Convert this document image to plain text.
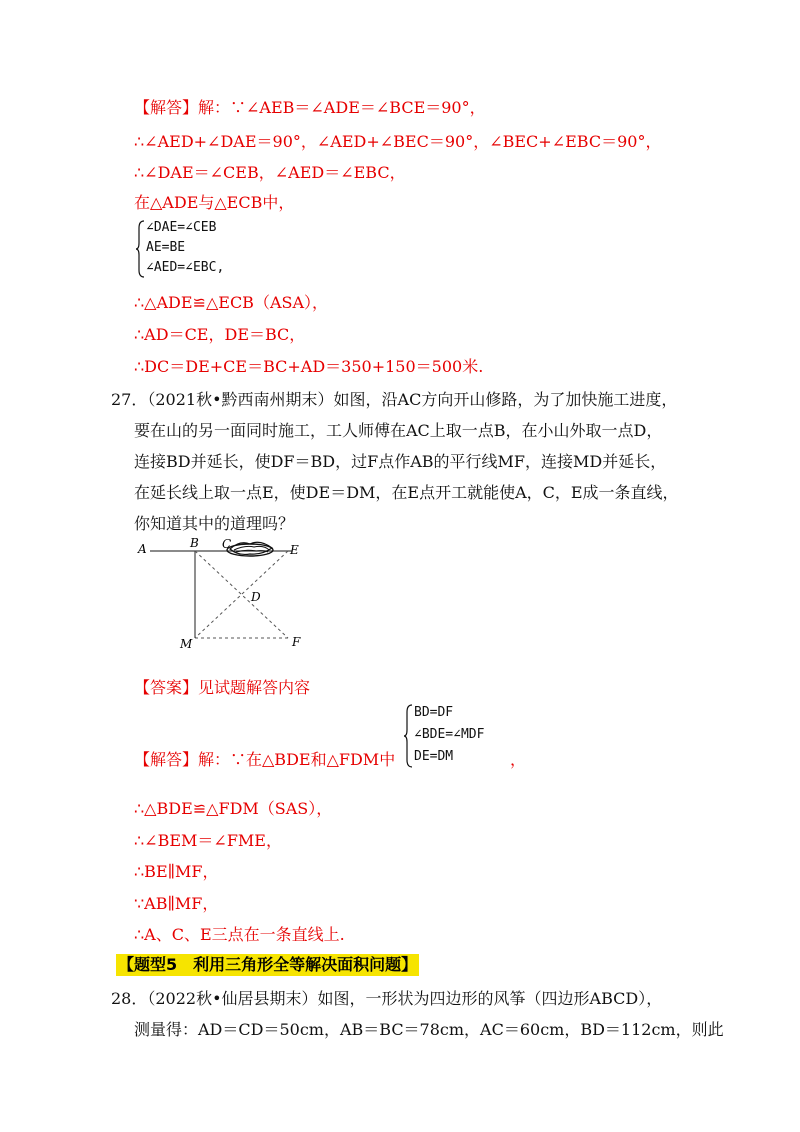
【解答】解：∵∠AEB＝∠ADE＝∠BCE＝90°，
∴∠AED+∠DAE＝90°，∠AED+∠BEC＝90°，∠BEC+∠EBC＝90°，
∴∠DAE＝∠CEB，∠AED＝∠EBC，
在△ADE与△ECB中，
∠DAE=∠CEB
AE=BE
∠AED=∠EBC,
∴△ADE≌△ECB（ASA），
∴AD＝CE，DE＝BC，
∴DC＝DE+CE＝BC+AD＝350+150＝500米.
27．（2021秋•黔西南州期末）如图，沿AC方向开山修路，为了加快施工进度，
要在山的另一面同时施工，工人师傅在AC上取一点B，在小山外取一点D，
连接BD并延长，使DF＝BD，过F点作AB的平行线MF，连接MD并延长，
在延长线上取一点E，使DE＝DM，在E点开工就能使A，C，E成一条直线，
你知道其中的道理吗？
A	B C	E
D
M	F
【答案】见试题解答内容
BD=DF
∠BDE=∠MDF
DE=DM
【解答】解：∵在△BDE和△FDM中	，
∴△BDE≌△FDM（SAS），
∴∠BEM＝∠FME，
∴BE∥MF，
∵AB∥MF，
∴A、C、E三点在一条直线上.
【题型5　利用三角形全等解决面积问题】
28．（2022秋•仙居县期末）如图，一形状为四边形的风筝（四边形ABCD），
测量得：AD＝CD＝50cm，AB＝BC＝78cm，AC＝60cm，BD＝112cm，则此
